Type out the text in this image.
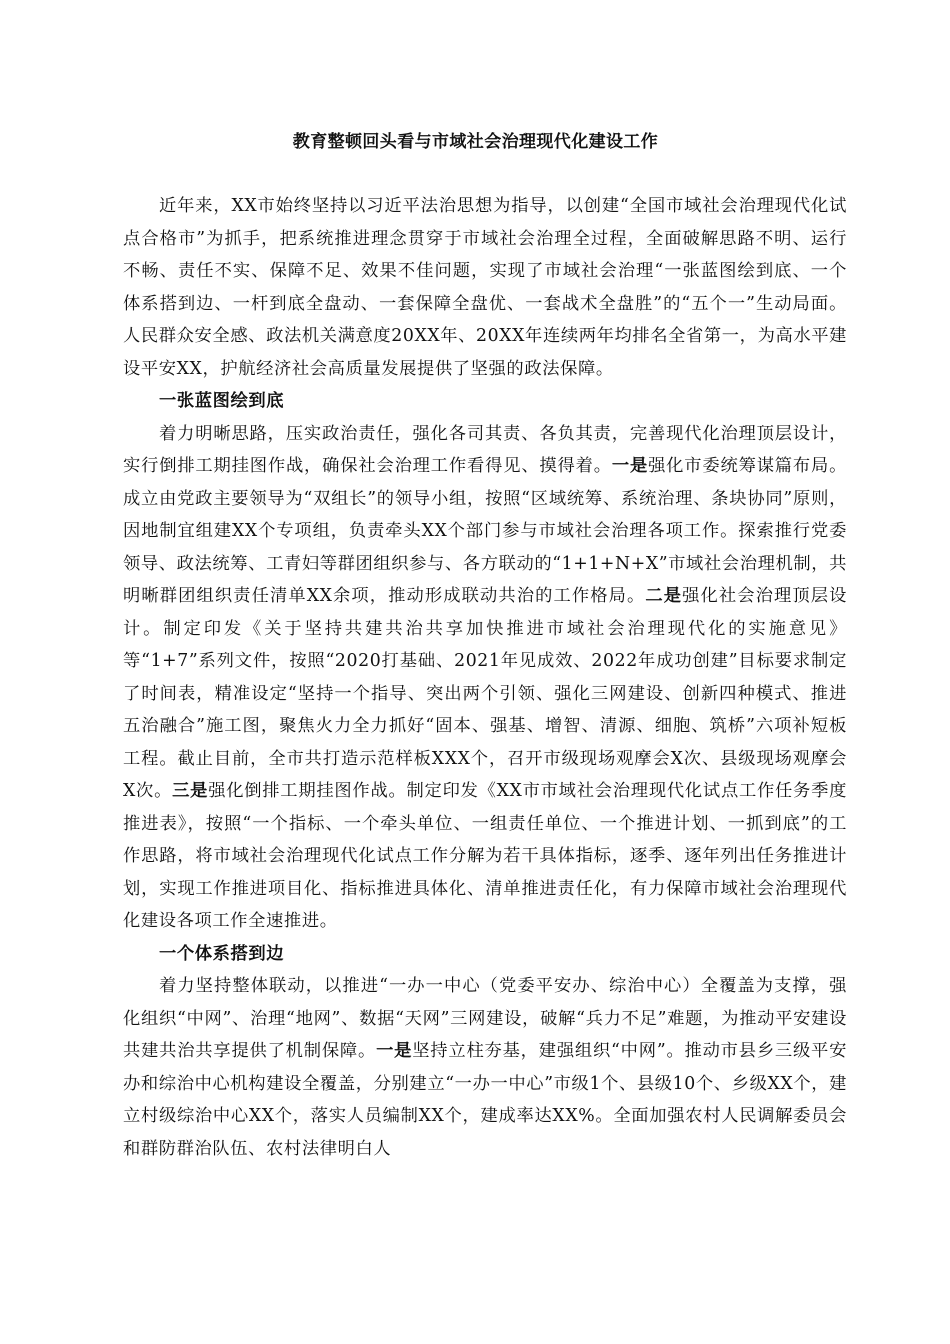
教育整顿回头看与市域社会治理现代化建设工作

近年来，XX市始终坚持以习近平法治思想为指导，以创建“全国市域社会治理现代化试点合格市”为抓手，把系统推进理念贯穿于市域社会治理全过程，全面破解思路不明、运行不畅、责任不实、保障不足、效果不佳问题，实现了市域社会治理“一张蓝图绘到底、一个体系搭到边、一杆到底全盘动、一套保障全盘优、一套战术全盘胜”的“五个一”生动局面。人民群众安全感、政法机关满意度20XX年、20XX年连续两年均排名全省第一，为高水平建设平安XX，护航经济社会高质量发展提供了坚强的政法保障。

一张蓝图绘到底

着力明晰思路，压实政治责任，强化各司其责、各负其责，完善现代化治理顶层设计，实行倒排工期挂图作战，确保社会治理工作看得见、摸得着。一是强化市委统筹谋篇布局。成立由党政主要领导为“双组长”的领导小组，按照“区域统筹、系统治理、条块协同”原则，因地制宜组建XX个专项组，负责牵头XX个部门参与市域社会治理各项工作。探索推行党委领导、政法统筹、工青妇等群团组织参与、各方联动的“1+1+N+X”市域社会治理机制，共明晰群团组织责任清单XX余项，推动形成联动共治的工作格局。二是强化社会治理顶层设计。制定印发《关于坚持共建共治共享加快推进市域社会治理现代化的实施意见》等“1+7”系列文件，按照“2020打基础、2021年见成效、2022年成功创建”目标要求制定了时间表，精准设定“坚持一个指导、突出两个引领、强化三网建设、创新四种模式、推进五治融合”施工图，聚焦火力全力抓好“固本、强基、增智、清源、细胞、筑桥”六项补短板工程。截止目前，全市共打造示范样板XXX个，召开市级现场观摩会X次、县级现场观摩会X次。三是强化倒排工期挂图作战。制定印发《XX市市域社会治理现代化试点工作任务季度推进表》，按照“一个指标、一个牵头单位、一组责任单位、一个推进计划、一抓到底”的工作思路，将市域社会治理现代化试点工作分解为若干具体指标，逐季、逐年列出任务推进计划，实现工作推进项目化、指标推进具体化、清单推进责任化，有力保障市域社会治理现代化建设各项工作全速推进。

一个体系搭到边

着力坚持整体联动，以推进“一办一中心（党委平安办、综治中心）全覆盖为支撑，强化组织“中网”、治理“地网”、数据“天网”三网建设，破解“兵力不足”难题，为推动平安建设共建共治共享提供了机制保障。一是坚持立柱夯基，建强组织“中网”。推动市县乡三级平安办和综治中心机构建设全覆盖，分别建立“一办一中心”市级1个、县级10个、乡级XX个，建立村级综治中心XX个，落实人员编制XX个，建成率达XX%。全面加强农村人民调解委员会和群防群治队伍、农村法律明白人
